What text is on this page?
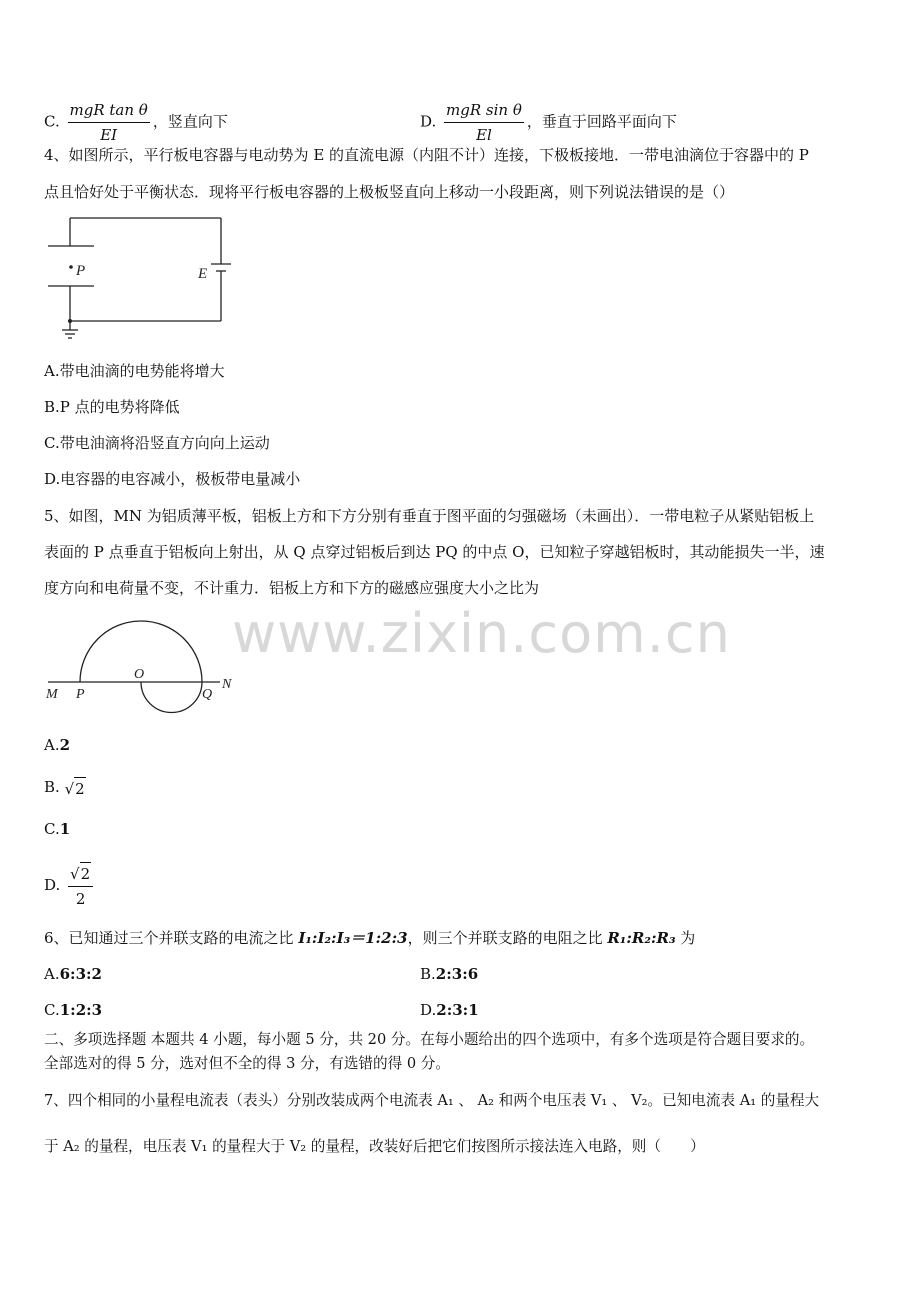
C. $\frac{\text{mgR tan θ}}{EI}$ ，竖直向下	D. $\frac{\text{mgR sin θ}}{El}$ ，垂直于回路平面向下
4、如图所示，平行板电容器与电动势为 E 的直流电源（内阻不计）连接，下极板接地．一带电油滴位于容器中的 P
点且恰好处于平衡状态．现将平行板电容器的上极板竖直向上移动一小段距离，则下列说法错误的是（）
P	E
A.带电油滴的电势能将增大
B.P 点的电势将降低
C.带电油滴将沿竖直方向向上运动
D.电容器的电容减小，极板带电量减小
5、如图，MN 为铝质薄平板，铝板上方和下方分别有垂直于图平面的匀强磁场（未画出）．一带电粒子从紧贴铝板上
表面的 P 点垂直于铝板向上射出，从 Q 点穿过铝板后到达 PQ 的中点 O，已知粒子穿越铝板时，其动能损失一半，速
度方向和电荷量不变，不计重力．铝板上方和下方的磁感应强度大小之比为
www.zixin.com.cn
M P
O
Q
N
A.2
B. √2
C.1
D. $\frac{√2}{2}$
6、已知通过三个并联支路的电流之比 I₁:I₂:I₃＝1:2:3，则三个并联支路的电阻之比 R₁:R₂:R₃ 为
A.6:3:2	B.2:3:6
C.1:2:3	D.2:3:1
二、多项选择题 本题共 4 小题，每小题 5 分，共 20 分。在每小题给出的四个选项中，有多个选项是符合题目要求的。
全部选对的得 5 分，选对但不全的得 3 分，有选错的得 0 分。
7、四个相同的小量程电流表（表头）分别改装成两个电流表 A₁ 、 A₂ 和两个电压表 V₁ 、 V₂。已知电流表 A₁ 的量程大
于 A₂ 的量程，电压表 V₁ 的量程大于 V₂ 的量程，改装好后把它们按图所示接法连入电路，则（　　）
